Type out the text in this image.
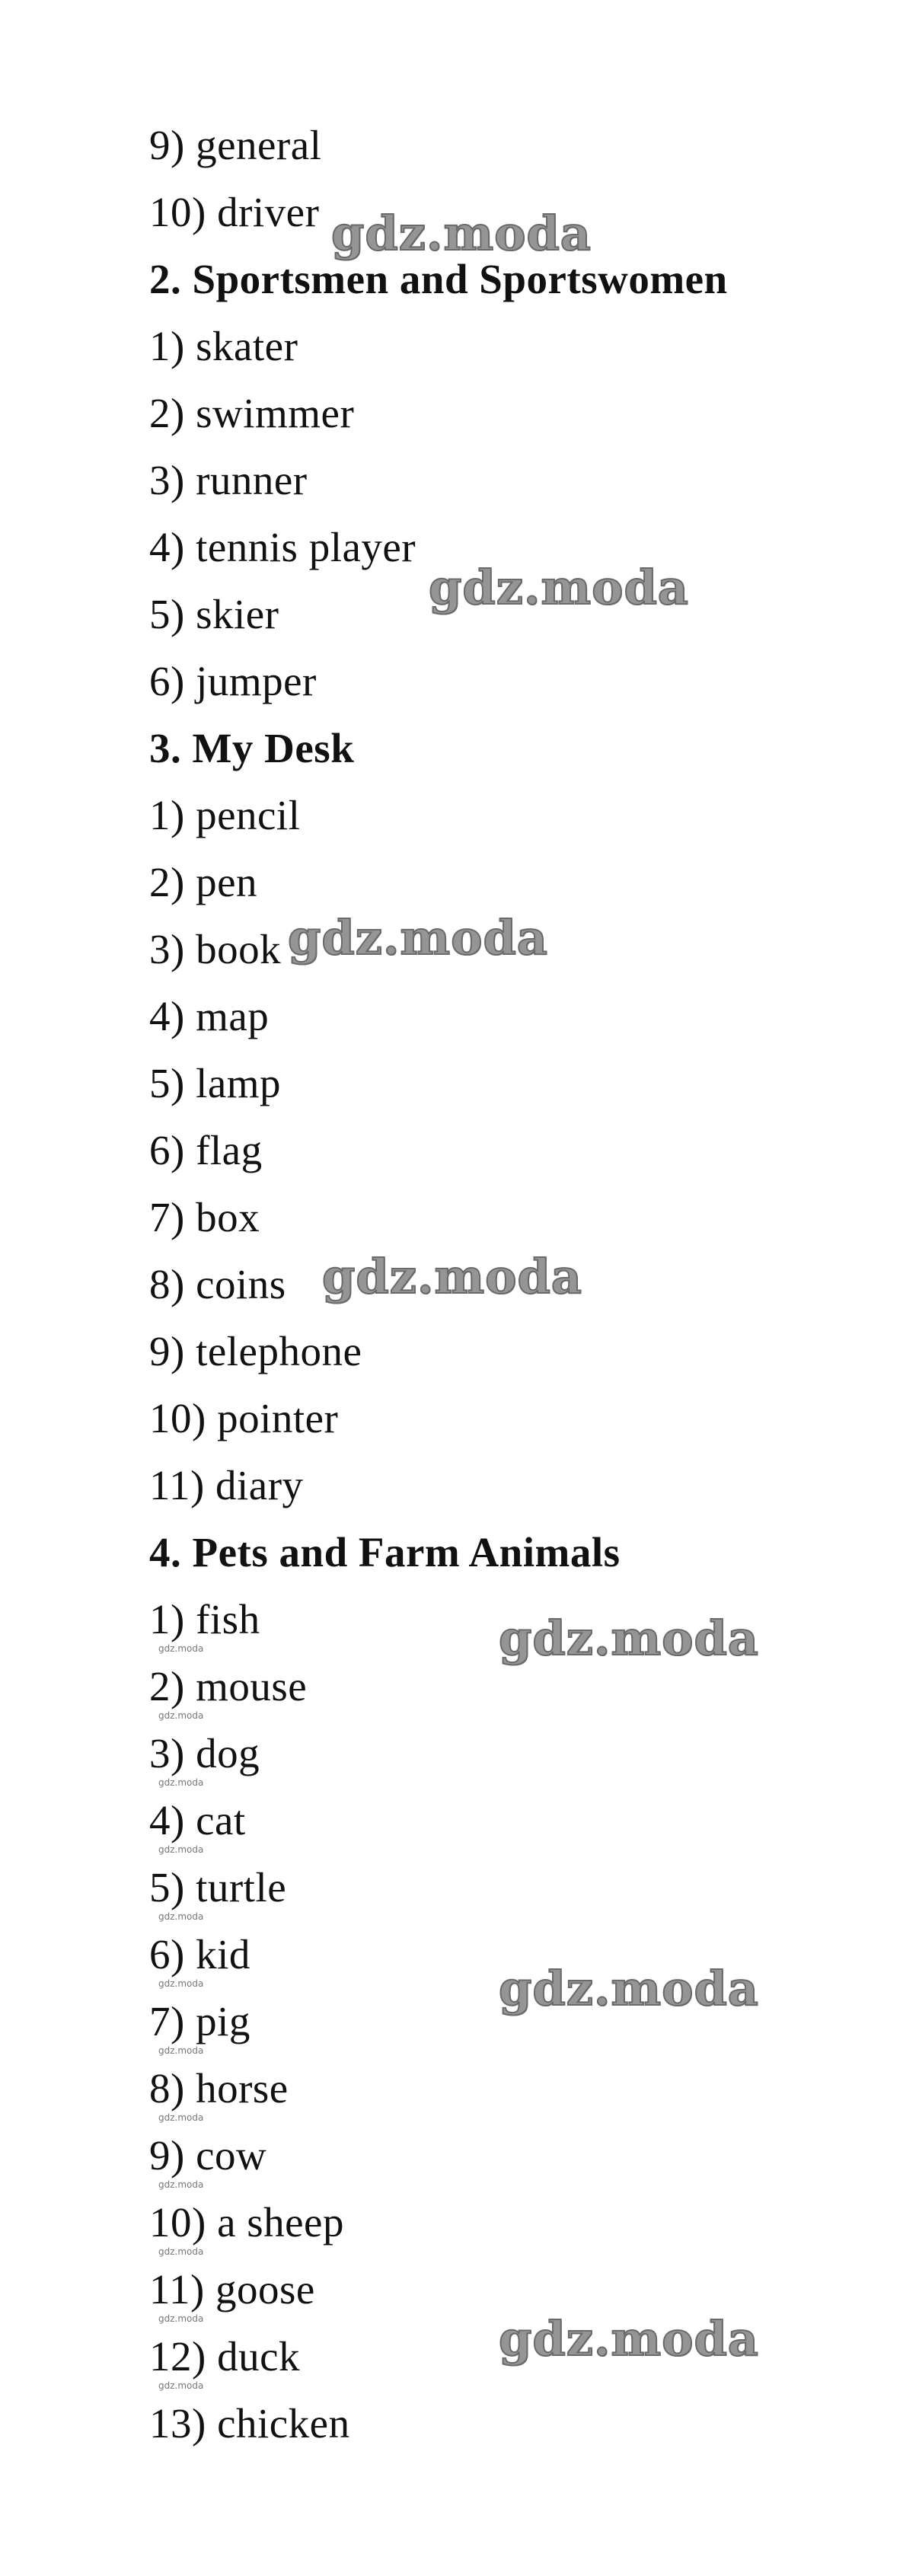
9) general
10) driver
2. Sportsmen and Sportswomen
1) skater
2) swimmer
3) runner
4) tennis player
5) skier
6) jumper
3. My Desk
1) pencil
2) pen
3) book
4) map
5) lamp
6) flag
7) box
8) coins
9) telephone
10) pointer
11) diary
4. Pets and Farm Animals
1) fish
2) mouse
3) dog
4) cat
5) turtle
6) kid
7) pig
8) horse
9) cow
10) a sheep
11) goose
12) duck
13) chicken
gdz.moda
gdz.moda
gdz.moda
gdz.moda
gdz.moda
gdz.moda
gdz.moda
gdz.moda
gdz.moda
gdz.moda
gdz.moda
gdz.moda
gdz.moda
gdz.moda
gdz.moda
gdz.moda
gdz.moda
gdz.moda
gdz.moda
